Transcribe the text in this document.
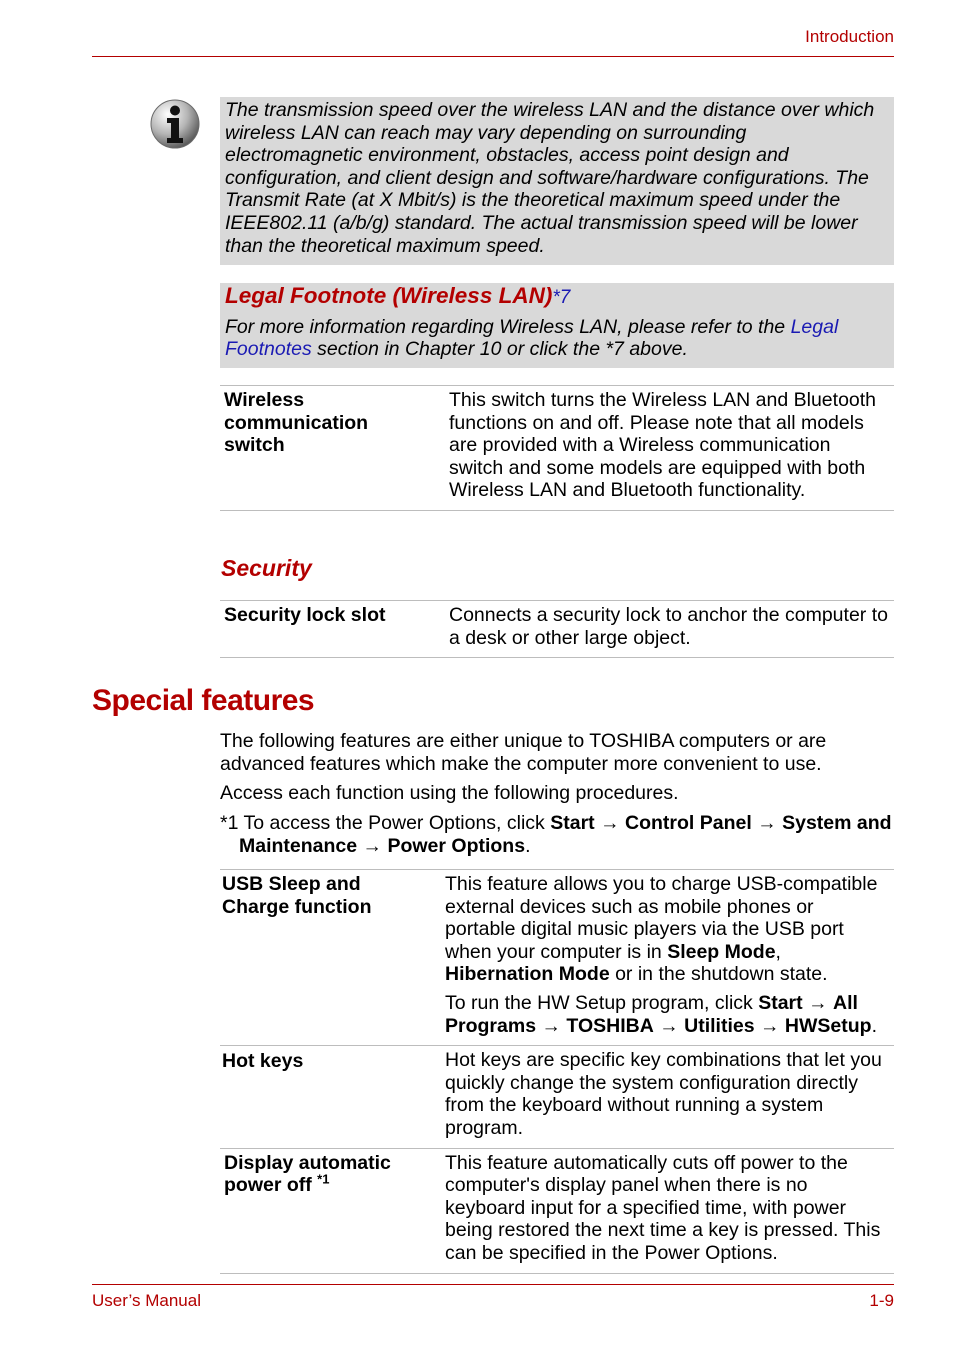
Introduction

The transmission speed over the wireless LAN and the distance over which wireless LAN can reach may vary depending on surrounding electromagnetic environment, obstacles, access point design and configuration, and client design and software/hardware configurations. The Transmit Rate (at X Mbit/s) is the theoretical maximum speed under the IEEE802.11 (a/b/g) standard. The actual transmission speed will be lower than the theoretical maximum speed.

Legal Footnote (Wireless LAN)*7

For more information regarding Wireless LAN, please refer to the Legal Footnotes section in Chapter 10 or click the *7 above.

Wireless communication switch	This switch turns the Wireless LAN and Bluetooth functions on and off. Please note that all models are provided with a Wireless communication switch and some models are equipped with both Wireless LAN and Bluetooth functionality.
Security
Security lock slot	Connects a security lock to anchor the computer to a desk or other large object.
Special features

The following features are either unique to TOSHIBA computers or are advanced features which make the computer more convenient to use.

Access each function using the following procedures.

*1 To access the Power Options, click Start → Control Panel → System and Maintenance → Power Options.

USB Sleep and Charge function	This feature allows you to charge USB-compatible external devices such as mobile phones or portable digital music players via the USB port when your computer is in Sleep Mode, Hibernation Mode or in the shutdown state.

To run the HW Setup program, click Start → All Programs → TOSHIBA → Utilities → HWSetup.

Hot keys	Hot keys are specific key combinations that let you quickly change the system configuration directly from the keyboard without running a system program.
Display automatic power off $^{*1}$	This feature automatically cuts off power to the computer's display panel when there is no keyboard input for a specified time, with power being restored the next time a key is pressed. This can be specified in the Power Options.
User’s Manual	1-9
